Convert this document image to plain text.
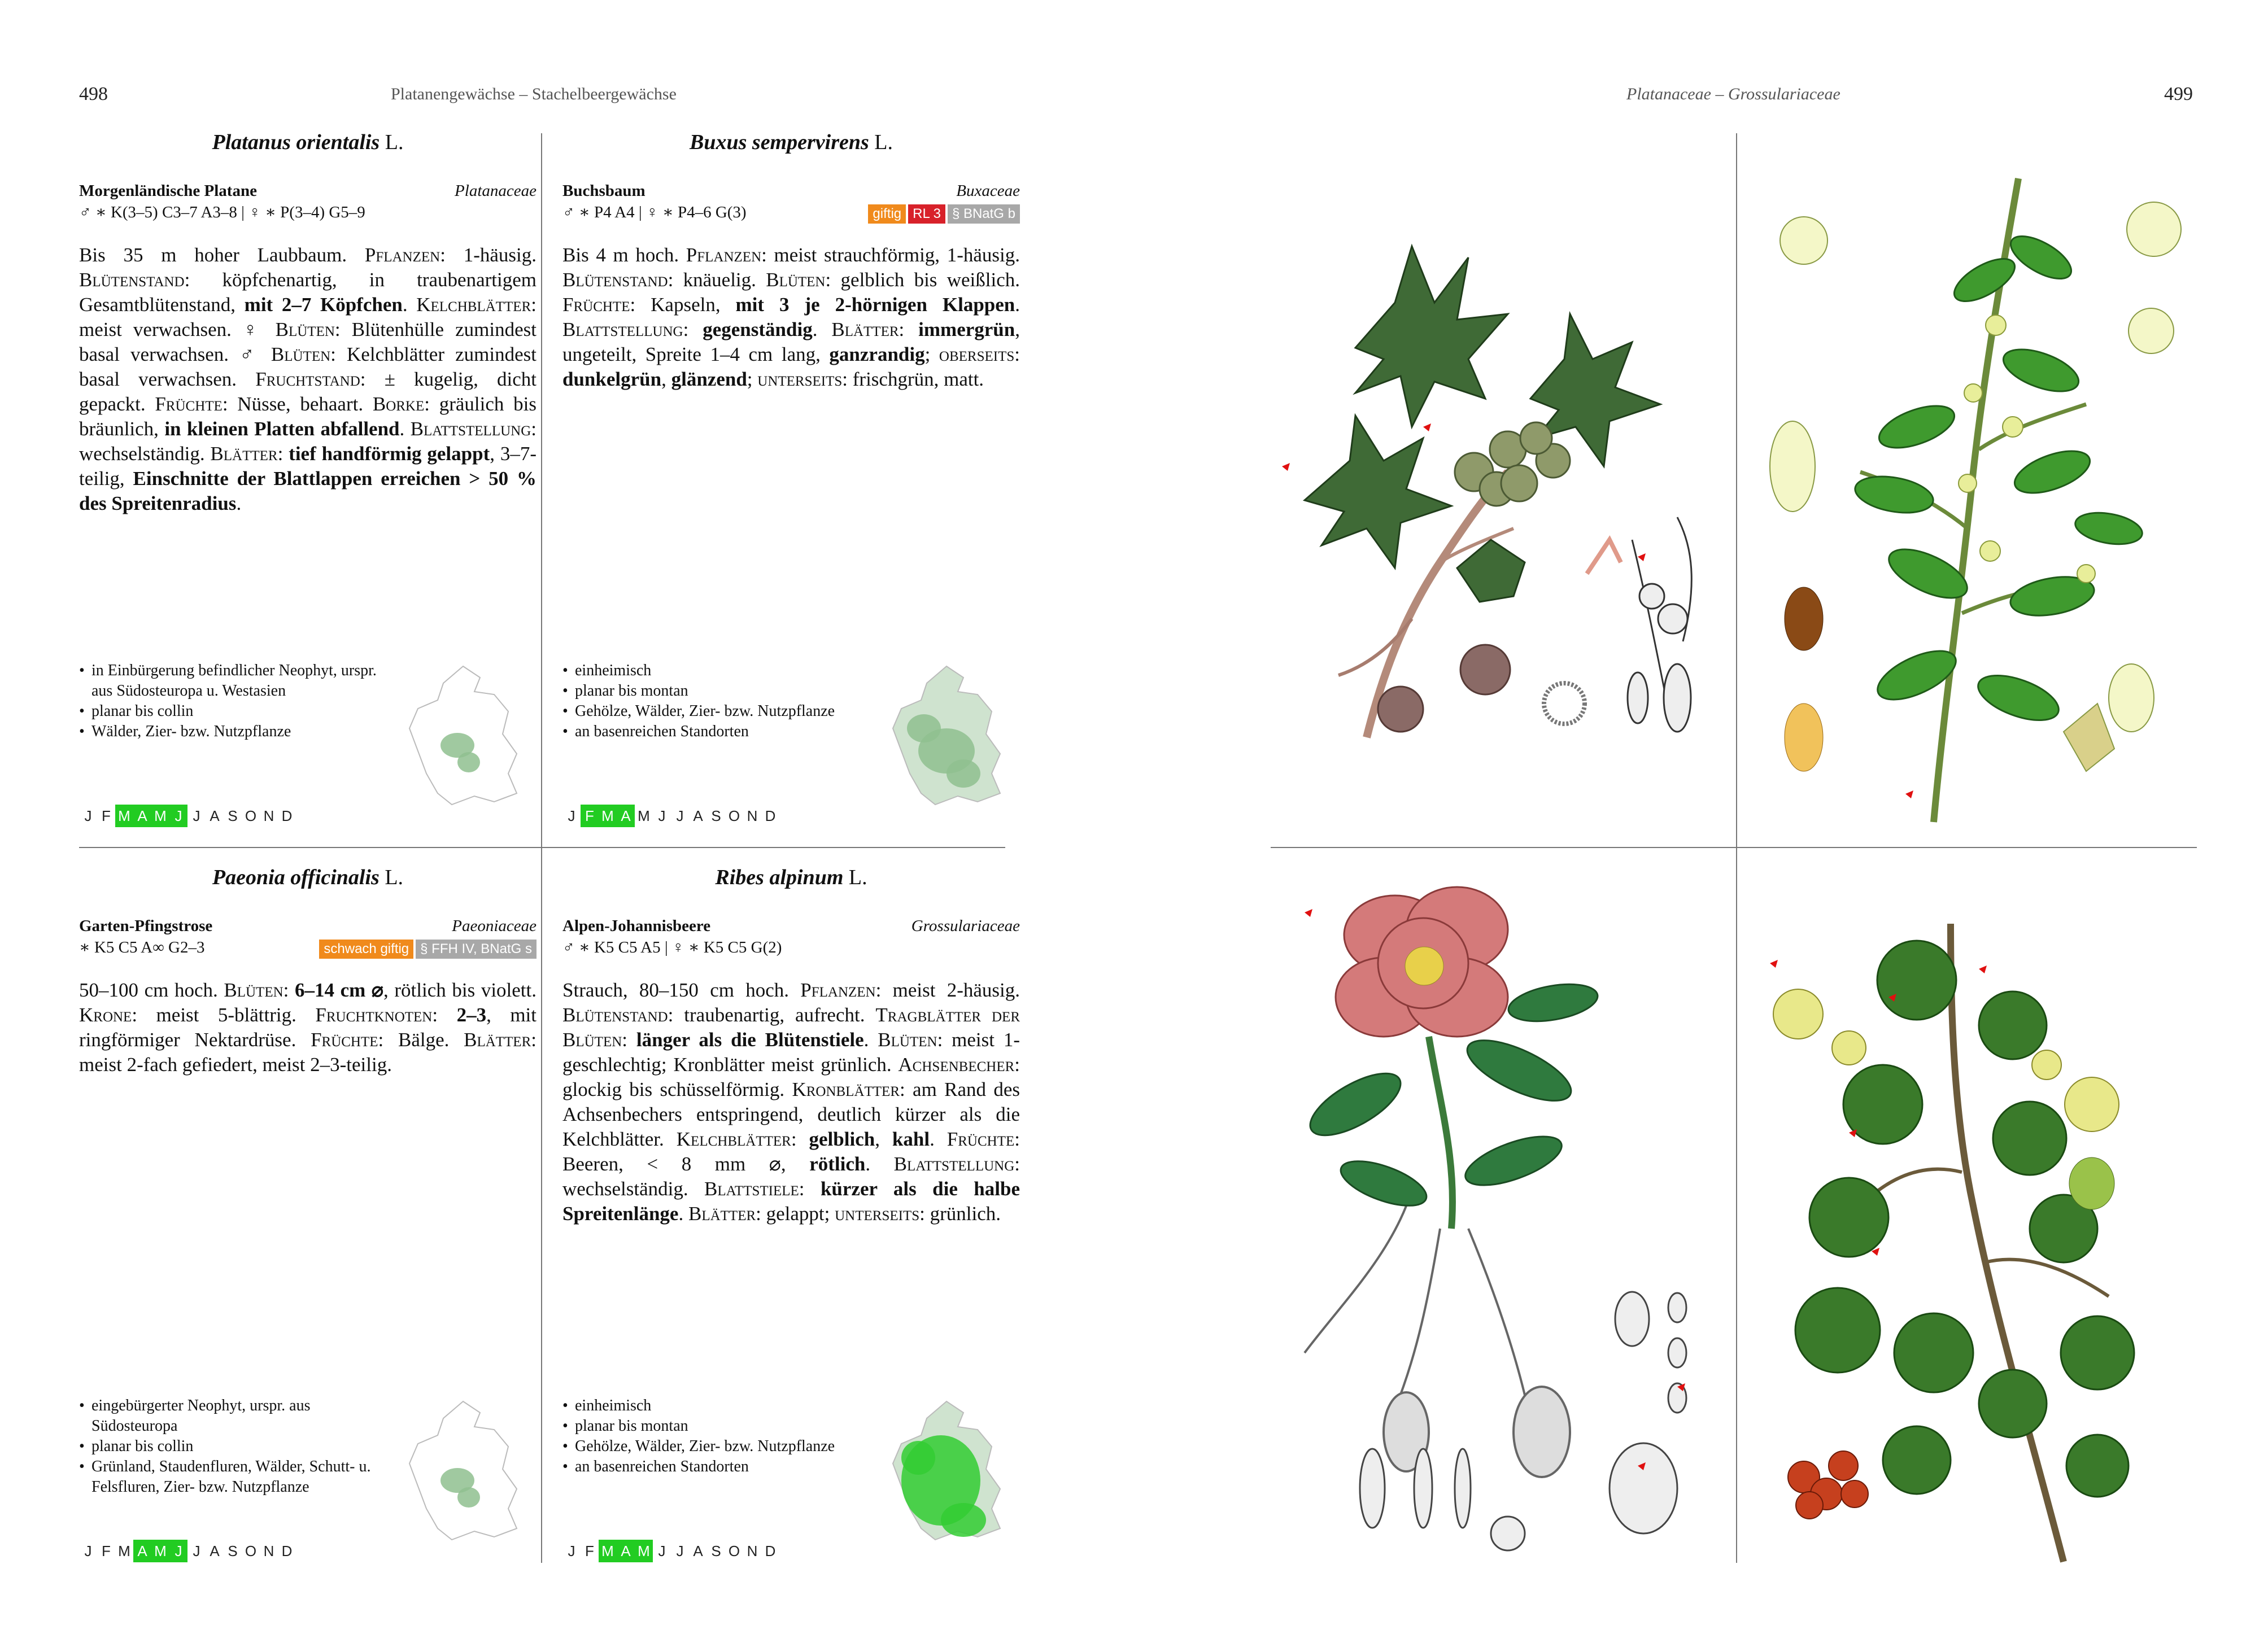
498	Platanengewächse – Stachelbeergewächse	Platanaceae – Grossulariaceae	499
Platanus orientalis L.
Morgenländische Platane	Platanaceae
♂ ∗ K(3–5) C3–7 A3–8 | ♀ ∗ P(3–4) G5–9
Bis 35 m hoher Laubbaum. Pflanzen: 1-häusig. Blütenstand: köpfchenartig, in traubenartigem Gesamtblütenstand, mit 2–7 Köpfchen. Kelchblätter: meist verwachsen. ♀ Blüten: Blütenhülle zumindest basal verwachsen. ♂ Blüten: Kelchblätter zumindest basal verwachsen. Fruchtstand: ± kugelig, dicht gepackt. Früchte: Nüsse, behaart. Borke: gräulich bis bräunlich, in kleinen Platten abfallend. Blattstellung: wechselständig. Blätter: tief handförmig gelappt, 3–7-teilig, Einschnitte der Blattlappen erreichen > 50 % des Spreitenradius.
• in Einbürgerung befindlicher Neophyt, urspr. aus Südosteuropa u. Westasien
• planar bis collin
• Wälder, Zier- bzw. Nutzpflanze
J F M A M J J A S O N D
Buxus sempervirens L.
Buchsbaum	Buxaceae
♂ ∗ P4 A4 | ♀ ∗ P4–6 G(3)	giftig RL 3 § BNatG b
Bis 4 m hoch. Pflanzen: meist strauchförmig, 1-häusig. Blütenstand: knäuelig. Blüten: gelblich bis weißlich. Früchte: Kapseln, mit 3 je 2-hörnigen Klappen. Blattstellung: gegenständig. Blätter: immergrün, ungeteilt, Spreite 1–4 cm lang, ganzrandig; oberseits: dunkelgrün, glänzend; unterseits: frischgrün, matt.
• einheimisch
• planar bis montan
• Gehölze, Wälder, Zier- bzw. Nutzpflanze
• an basenreichen Standorten
J F M A M J J A S O N D
Paeonia officinalis L.
Garten-Pfingstrose	Paeoniaceae
∗ K5 C5 A∞ G2–3	schwach giftig § FFH IV, BNatG s
50–100 cm hoch. Blüten: 6–14 cm ⌀, rötlich bis violett. Krone: meist 5-blättrig. Fruchtknoten: 2–3, mit ringförmiger Nektardrüse. Früchte: Bälge. Blätter: meist 2-fach gefiedert, meist 2–3-teilig.
• eingebürgerter Neophyt, urspr. aus Südosteuropa
• planar bis collin
• Grünland, Staudenfluren, Wälder, Schutt- u. Felsfluren, Zier- bzw. Nutzpflanze
J F M A M J J A S O N D
Ribes alpinum L.
Alpen-Johannisbeere	Grossulariaceae
♂ ∗ K5 C5 A5 | ♀ ∗ K5 C5 G(2)
Strauch, 80–150 cm hoch. Pflanzen: meist 2-häusig. Blütenstand: traubenartig, aufrecht. Tragblätter der Blüten: länger als die Blütenstiele. Blüten: meist 1-geschlechtig; Kronblätter meist grünlich. Achsenbecher: glockig bis schüsselförmig. Kronblätter: am Rand des Achsenbechers entspringend, deutlich kürzer als die Kelchblätter. Kelchblätter: gelblich, kahl. Früchte: Beeren, < 8 mm ⌀, rötlich. Blattstellung: wechselständig. Blattstiele: kürzer als die halbe Spreitenlänge. Blätter: gelappt; unterseits: grünlich.
• einheimisch
• planar bis montan
• Gehölze, Wälder, Zier- bzw. Nutzpflanze
• an basenreichen Standorten
J F M A M J J A S O N D
